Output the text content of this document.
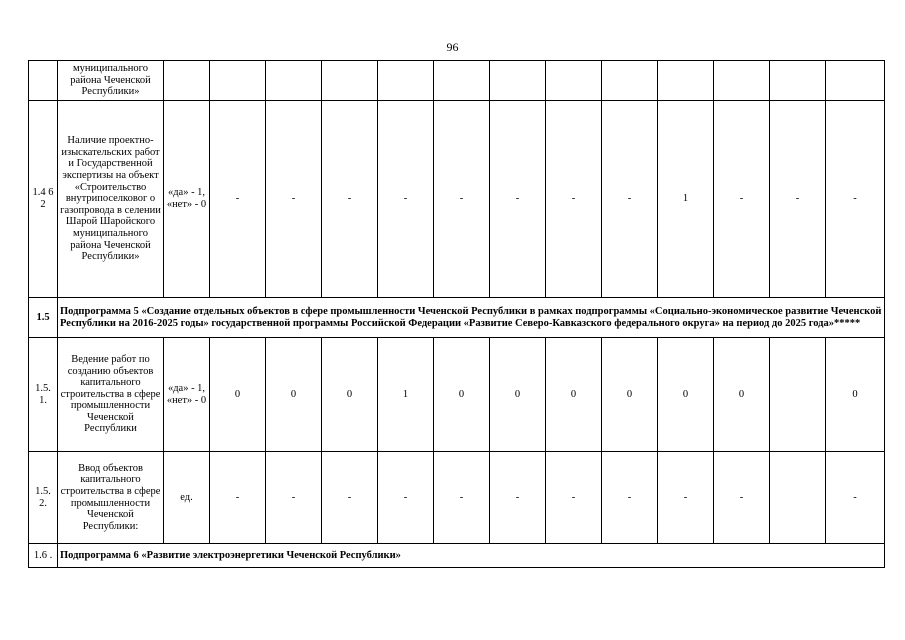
96
	муниципального района Чеченской Республики»													
1.4 6 2	Наличие проектно-изыскательских работ и Государственной экспертизы на объект «Строительство внутрипоселковог о газопровода в селении Шарой Шаройского муниципального района Чеченской Республики»	«да» - 1, «нет» - 0	-	-	-	-	-	-	-	-	1	-	-	-
1.5	Подпрограмма 5 «Создание отдельных объектов в сфере промышленности Чеченской Республики в рамках подпрограммы «Социально-экономическое развитие Чеченской Республики на 2016-2025 годы» государственной программы Российской Федерации «Развитие Северо-Кавказского федерального округа» на период до 2025 года»*****													
1.5. 1.	Ведение работ по созданию объектов капитального строительства в сфере промышленности Чеченской Республики	«да» - 1, «нет» - 0	0	0	0	1	0	0	0	0	0	0		0
1.5. 2.	Ввод объектов капитального строительства в сфере промышленности Чеченской Республики:	ед.	-	-	-	-	-	-	-	-	-	-		-
1.6 .	Подпрограмма 6 «Развитие электроэнергетики Чеченской Республики»													
